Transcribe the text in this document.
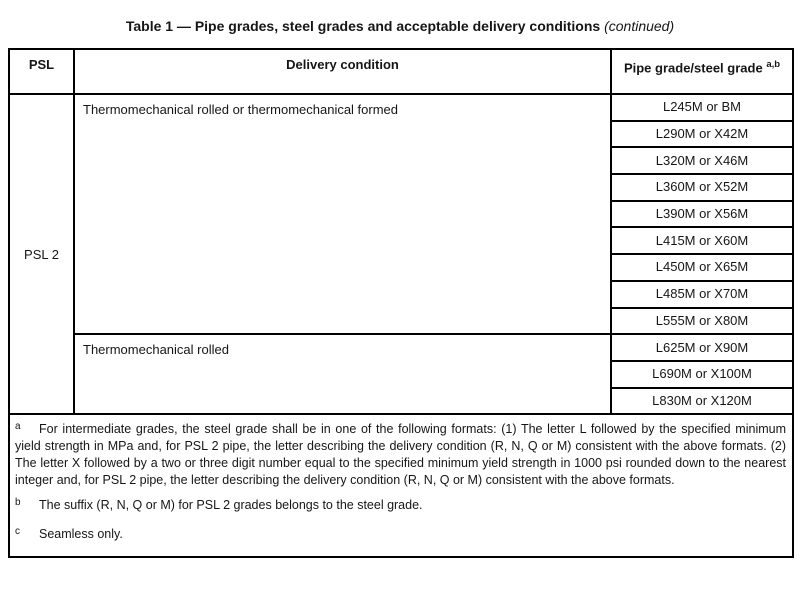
Table 1 — Pipe grades, steel grades and acceptable delivery conditions (continued)
PSL	Delivery condition	Pipe grade/steel grade $^{a,b}$
PSL 2	Thermomechanical rolled or thermomechanical formed	L245M or BM
		L290M or X42M
		L320M or X46M
		L360M or X52M
		L390M or X56M
		L415M or X60M
		L450M or X65M
		L485M or X70M
		L555M or X80M
	Thermomechanical rolled	L625M or X90M
		L690M or X100M
		L830M or X120M

a For intermediate grades, the steel grade shall be in one of the following formats: (1) The letter L followed by the specified minimum yield strength in MPa and, for PSL 2 pipe, the letter describing the delivery condition (R, N, Q or M) consistent with the above formats. (2) The letter X followed by a two or three digit number equal to the specified minimum yield strength in 1000 psi rounded down to the nearest integer and, for PSL 2 pipe, the letter describing the delivery condition (R, N, Q or M) consistent with the above formats.
b The suffix (R, N, Q or M) for PSL 2 grades belongs to the steel grade.
c Seamless only.		
